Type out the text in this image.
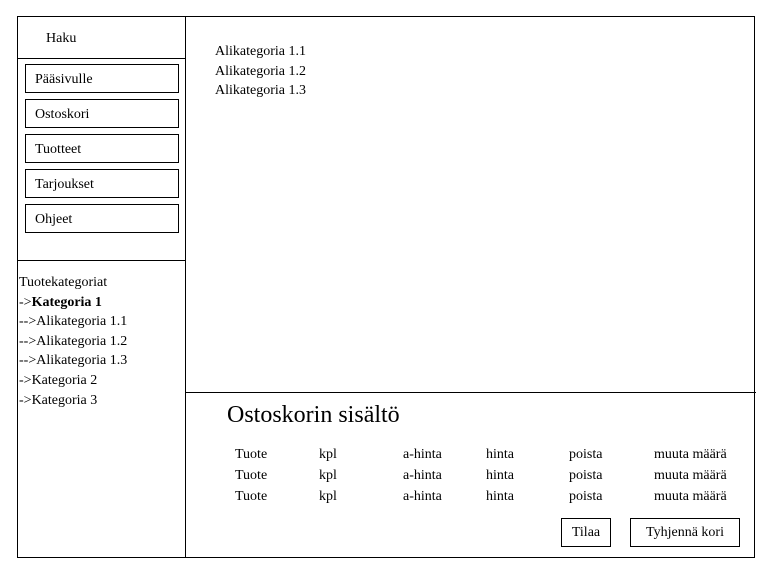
Haku
Pääsivulle
Ostoskori
Tuotteet
Tarjoukset
Ohjeet
Tuotekategoriat
->Kategoria 1
-->Alikategoria 1.1
-->Alikategoria 1.2
-->Alikategoria 1.3
->Kategoria 2
->Kategoria 3
Alikategoria 1.1
Alikategoria 1.2
Alikategoria 1.3
Ostoskorin sisältö
Tuote	kpl	a-hinta	hinta	poista	muuta määrä
Tuote	kpl	a-hinta	hinta	poista	muuta määrä
Tuote	kpl	a-hinta	hinta	poista	muuta määrä
Tilaa	Tyhjennä kori
